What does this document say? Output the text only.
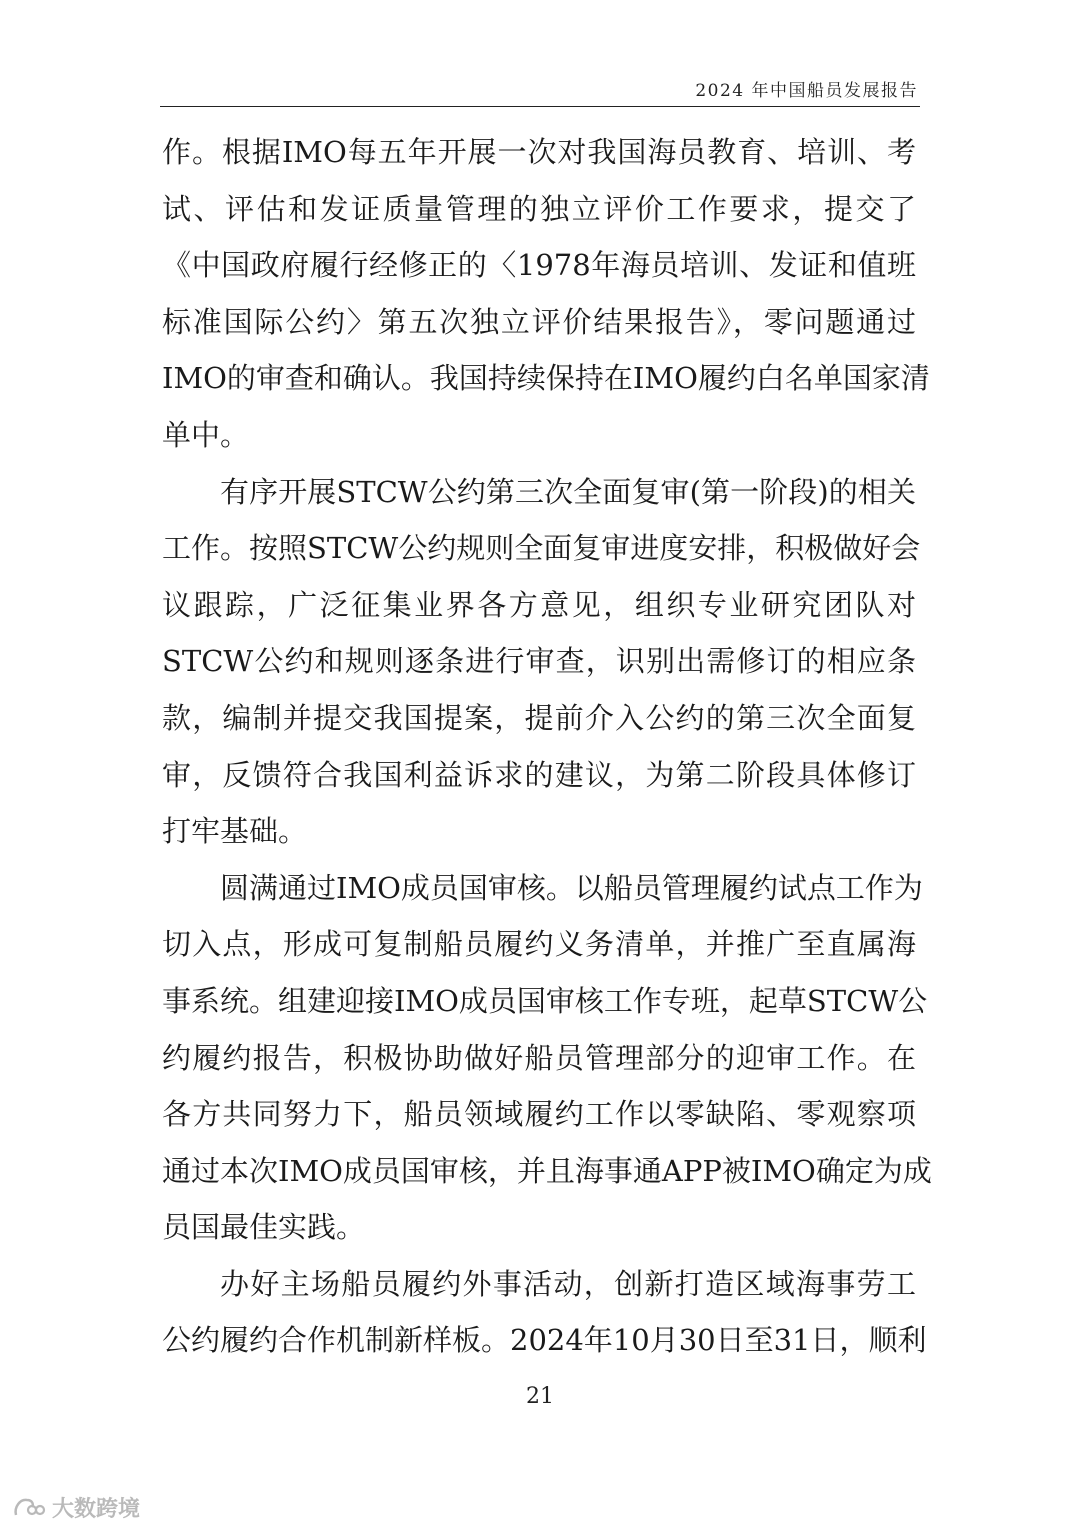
2024 年中国船员发展报告
作。根据IMO每五年开展一次对我国海员教育、培训、考
试、评估和发证质量管理的独立评价工作要求，提交了
《中国政府履行经修正的〈1978年海员培训、发证和值班
标准国际公约〉第五次独立评价结果报告》，零问题通过
IMO的审查和确认。我国持续保持在IMO履约白名单国家清
单中。
有序开展STCW公约第三次全面复审(第一阶段)的相关
工作。按照STCW公约规则全面复审进度安排，积极做好会
议跟踪，广泛征集业界各方意见，组织专业研究团队对
STCW公约和规则逐条进行审查，识别出需修订的相应条
款，编制并提交我国提案，提前介入公约的第三次全面复
审，反馈符合我国利益诉求的建议，为第二阶段具体修订
打牢基础。
圆满通过IMO成员国审核。以船员管理履约试点工作为
切入点，形成可复制船员履约义务清单，并推广至直属海
事系统。组建迎接IMO成员国审核工作专班，起草STCW公
约履约报告，积极协助做好船员管理部分的迎审工作。在
各方共同努力下，船员领域履约工作以零缺陷、零观察项
通过本次IMO成员国审核，并且海事通APP被IMO确定为成
员国最佳实践。
办好主场船员履约外事活动，创新打造区域海事劳工
公约履约合作机制新样板。2024年10月30日至31日，顺利
21
大数跨境
